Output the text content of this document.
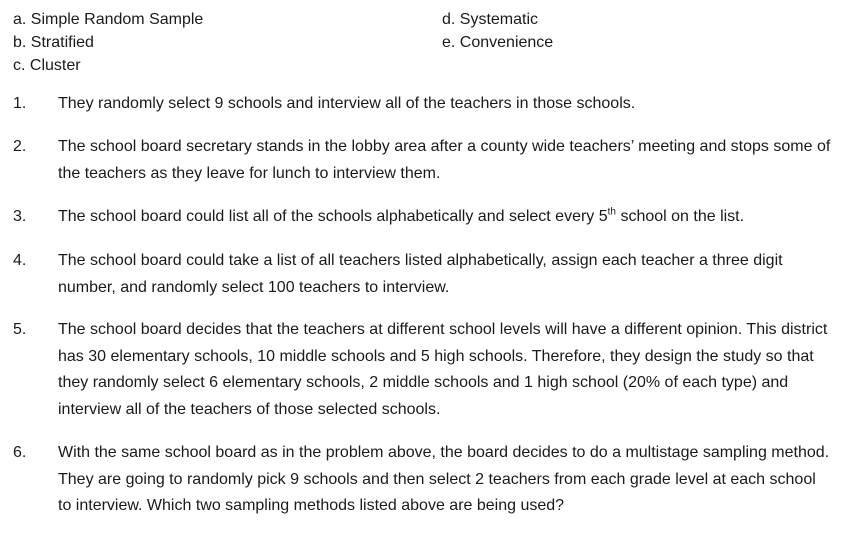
a. Simple Random Sample
b. Stratified
c. Cluster
d. Systematic
e. Convenience
1. They randomly select 9 schools and interview all of the teachers in those schools.
2. The school board secretary stands in the lobby area after a county wide teachers’ meeting and stops some of the teachers as they leave for lunch to interview them.
3. The school board could list all of the schools alphabetically and select every 5th school on the list.
4. The school board could take a list of all teachers listed alphabetically, assign each teacher a three digit number, and randomly select 100 teachers to interview.
5. The school board decides that the teachers at different school levels will have a different opinion. This district has 30 elementary schools, 10 middle schools and 5 high schools. Therefore, they design the study so that they randomly select 6 elementary schools, 2 middle schools and 1 high school (20% of each type) and interview all of the teachers of those selected schools.
6. With the same school board as in the problem above, the board decides to do a multistage sampling method. They are going to randomly pick 9 schools and then select 2 teachers from each grade level at each school to interview. Which two sampling methods listed above are being used?
